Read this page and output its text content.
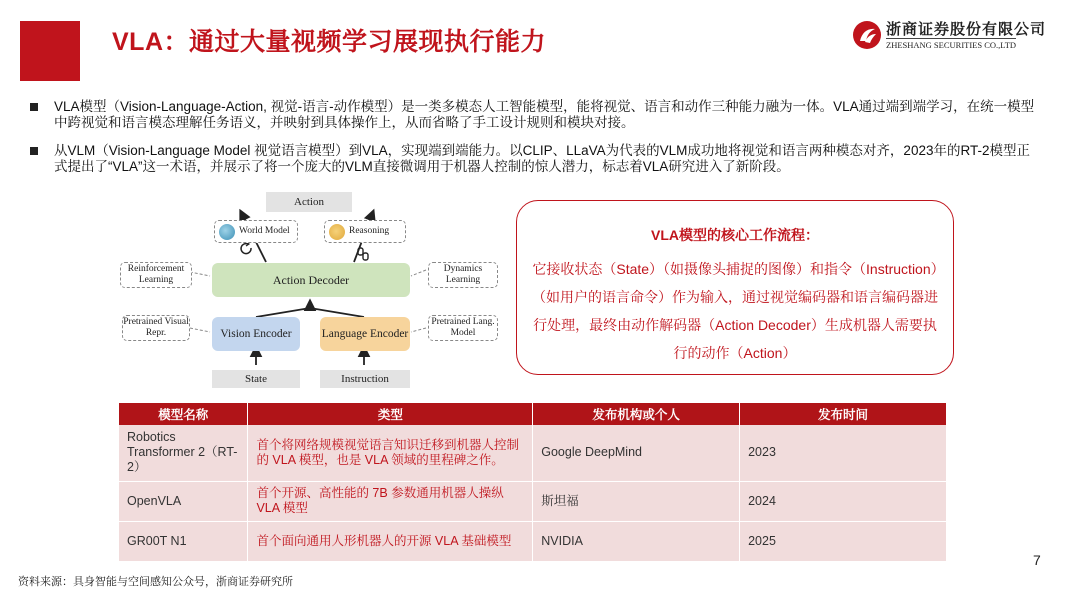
VLA：通过大量视频学习展现执行能力	浙商证券股份有限公司
ZHESHANG SECURITIES CO.,LTD
VLA模型（Vision-Language-Action, 视觉-语言-动作模型）是一类多模态人工智能模型，能将视觉、语言和动作三种能力融为一体。VLA通过端到端学习，在统一模型中跨视觉和语言模态理解任务语义，并映射到具体操作上，从而省略了手工设计规则和模块对接。
从VLM（Vision-Language Model 视觉语言模型）到VLA，实现端到端能力。以CLIP、LLaVA为代表的VLM成功地将视觉和语言两种模态对齐，2023年的RT-2模型正式提出了“VLA”这一术语，并展示了将一个庞大的VLM直接微调用于机器人控制的惊人潜力，标志着VLA研究进入了新阶段。
Action
World Model	Reasoning
Reinforcement Learning	Action Decoder
Dynamics Learning
Pretrained Visual Repr.	Vision Encoder	Language Encoder
Pretrained Lang. Model
State	Instruction
VLA模型的核心工作流程：
它接收状态（State）（如摄像头捕捉的图像）和指令（Instruction）（如用户的语言命令）作为输入，通过视觉编码器和语言编码器进行处理，最终由动作解码器（Action Decoder）生成机器人需要执行的动作（Action）
模型名称	类型	发布机构或个人	发布时间
Robotics Transformer 2（RT-2）	首个将网络规模视觉语言知识迁移到机器人控制的 VLA 模型，也是 VLA 领域的里程碑之作。	Google DeepMind	2023
OpenVLA	首个开源、高性能的 7B 参数通用机器人操纵 VLA 模型	斯坦福	2024
GR00T N1	首个面向通用人形机器人的开源 VLA 基础模型	NVIDIA	2025
7
资料来源：具身智能与空间感知公众号，浙商证券研究所
